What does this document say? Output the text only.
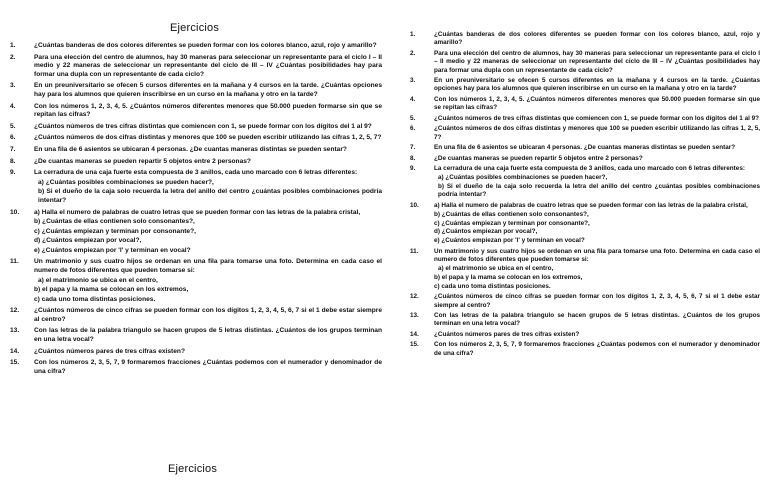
Ejercicios
1.	¿Cuántas banderas de dos colores diferentes se pueden formar con los colores blanco, azul, rojo y amarillo?
2.	Para una elección del centro de alumnos, hay 30 maneras para seleccionar un representante para el ciclo I – II medio y 22 maneras de seleccionar un representante del ciclo de III – IV ¿Cuántas posibilidades hay para formar una dupla con un representante de cada ciclo?
3.	En un preuniversitario se ofecen 5 cursos diferentes en la mañana y 4 cursos en la tarde. ¿Cuántas opciones hay para los alumnos que quieren inscribirse en un curso en la mañana y otro en la tarde?
4.	Con los números 1, 2, 3, 4, 5. ¿Cuántos números diferentes menores que 50.000 pueden formarse sin que se repitan las cifras?
5.	¿Cuántos números de tres cifras distintas que comiencen con 1, se puede formar con los dígitos del 1 al 9?
6.	¿Cuántos números de dos cifras distintas y menores que 100 se pueden escribir utilizando las cifras 1, 2, 5, 7?
7.	En una fila de 6 asientos se ubicaran 4 personas. ¿De cuantas maneras distintas se pueden sentar?
8.	¿De cuantas maneras se pueden repartir 5 objetos entre 2 personas?
9.	La cerradura de una caja fuerte esta compuesta de 3 anillos, cada uno marcado con 6 letras diferentes:
a) ¿Cuántas posibles combinaciones se pueden hacer?,
b) Si el dueño de la caja solo recuerda la letra del anillo del centro ¿cuántas posibles combinaciones podría intentar?
10. a) Halla el numero de palabras de cuatro letras que se pueden formar con las letras de la palabra cristal,
b) ¿Cuántas de ellas contienen solo consonantes?,
c) ¿Cuántas empiezan y terminan por consonante?,
d) ¿Cuántos empiezan por vocal?,
e) ¿Cuántos empiezan por 'l' y terminan en vocal?
11. Un matrimonio y sus cuatro hijos se ordenan en una fila para tomarse una foto. Determina en cada caso el numero de fotos diferentes que pueden tomarse si:
a) el matrimonio se ubica en el centro,
b) el papa y la mama se colocan en los extremos,
c) cada uno toma distintas posiciones.
12. ¿Cuántos números de cinco cifras se pueden formar con los dígitos 1, 2, 3, 4, 5, 6, 7 si el 1 debe estar siempre al centro?
13. Con las letras de la palabra triangulo se hacen grupos de 5 letras distintas. ¿Cuántos de los grupos terminan en una letra vocal?
14. ¿Cuántos números pares de tres cifras existen?
15. Con los números 2, 3, 5, 7, 9 formaremos fracciones ¿Cuántas podemos con el numerador y denominador de una cifra?
Ejercicios
1.	¿Cuántas banderas de dos colores diferentes se pueden formar con los colores blanco, azul, rojo y amarillo?
2.	Para una elección del centro de alumnos, hay 30 maneras para seleccionar un representante para el ciclo I – II medio y 22 maneras de seleccionar un representante del ciclo de III – IV ¿Cuántas posibilidades hay para formar una dupla con un representante de cada ciclo?
3.	En un preuniversitario se ofecen 5 cursos diferentes en la mañana y 4 cursos en la tarde. ¿Cuántas opciones hay para los alumnos que quieren inscribirse en un curso en la mañana y otro en la tarde?
4.	Con los números 1, 2, 3, 4, 5. ¿Cuántos números diferentes menores que 50.000 pueden formarse sin que se repitan las cifras?
5.	¿Cuántos números de tres cifras distintas que comiencen con 1, se puede formar con los dígitos del 1 al 9?
6.	¿Cuántos números de dos cifras distintas y menores que 100 se pueden escribir utilizando las cifras 1, 2, 5, 7?
7.	En una fila de 6 asientos se ubicaran 4 personas. ¿De cuantas maneras distintas se pueden sentar?
8.	¿De cuantas maneras se pueden repartir 5 objetos entre 2 personas?
9.	La cerradura de una caja fuerte esta compuesta de 3 anillos, cada uno marcado con 6 letras diferentes:
a) ¿Cuántas posibles combinaciones se pueden hacer?,
b) Si el dueño de la caja solo recuerda la letra del anillo del centro ¿cuántas posibles combinaciones podría intentar?
10. a) Halla el numero de palabras de cuatro letras que se pueden formar con las letras de la palabra cristal,
b) ¿Cuántas de ellas contienen solo consonantes?,
c) ¿Cuántas empiezan y terminan por consonante?,
d) ¿Cuántos empiezan por vocal?,
e) ¿Cuántos empiezan por 'l' y terminan en vocal?
11. Un matrimonio y sus cuatro hijos se ordenan en una fila para tomarse una foto. Determina en cada caso el numero de fotos diferentes que pueden tomarse si:
a) el matrimonio se ubica en el centro,
b) el papa y la mama se colocan en los extremos,
c) cada uno toma distintas posiciones.
12. ¿Cuántos números de cinco cifras se pueden formar con los dígitos 1, 2, 3, 4, 5, 6, 7 si el 1 debe estar siempre al centro?
13. Con las letras de la palabra triangulo se hacen grupos de 5 letras distintas. ¿Cuántos de los grupos terminan en una letra vocal?
14. ¿Cuántos números pares de tres cifras existen?
15. Con los números 2, 3, 5, 7, 9 formaremos fracciones ¿Cuántas podemos con el numerador y denominador de una cifra?
